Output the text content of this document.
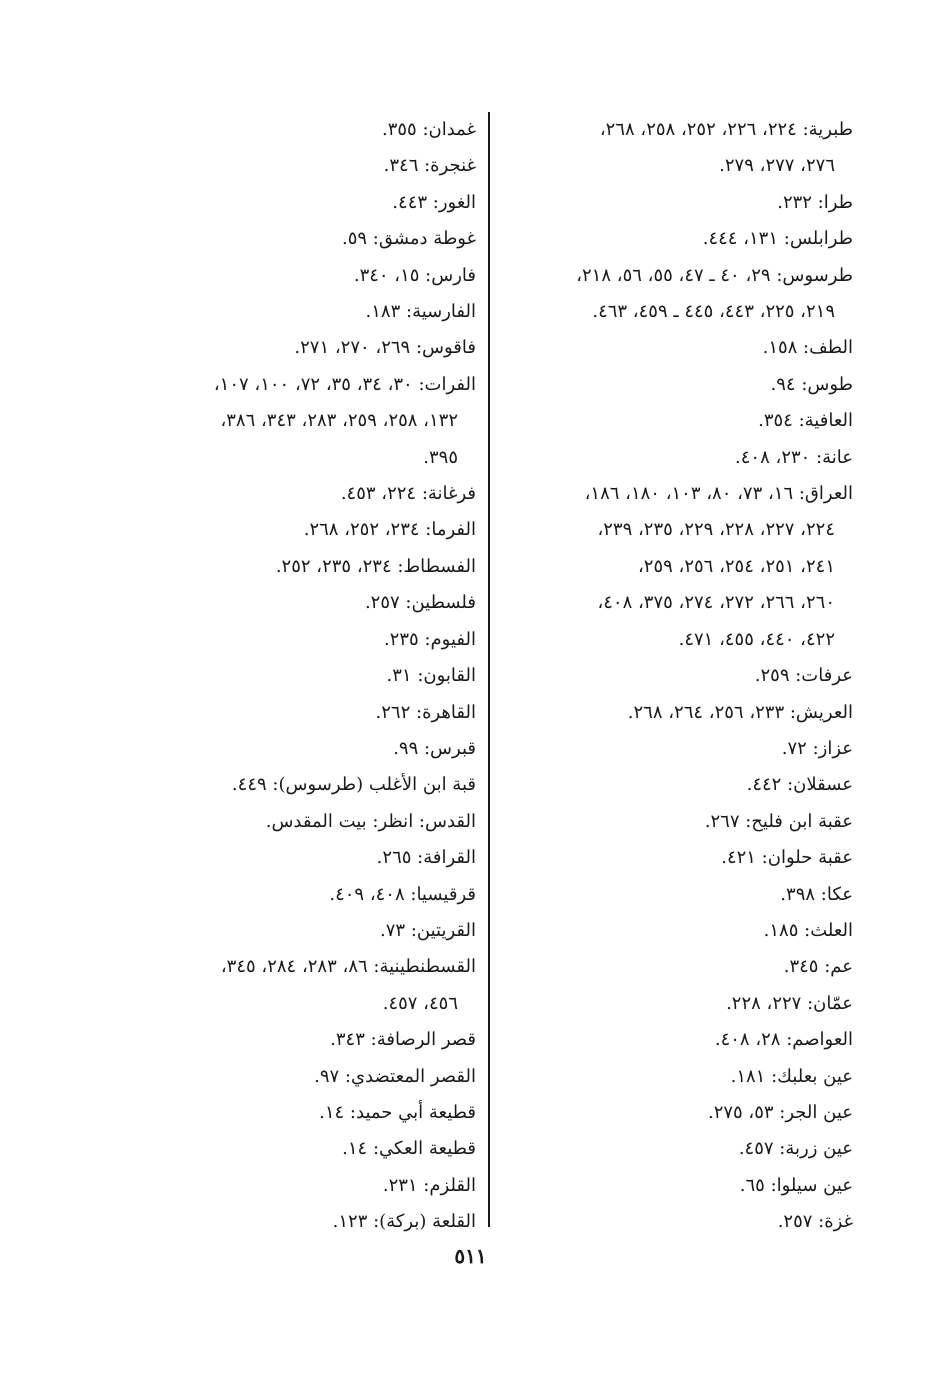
طبرية: ٢٢٤، ٢٢٦، ٢٥٢، ٢٥٨، ٢٦٨،
٢٧٦، ٢٧٧، ٢٧٩.
طرا: ٢٣٢.
طرابلس: ١٣١، ٤٤٤.
طرسوس: ٢٩، ٤٠ ـ ٤٧، ٥٥، ٥٦، ٢١٨،
٢١٩، ٢٢٥، ٤٤٣، ٤٤٥ ـ ٤٥٩، ٤٦٣.
الطف: ١٥٨.
طوس: ٩٤.
العافية: ٣٥٤.
عانة: ٢٣٠، ٤٠٨.
العراق: ١٦، ٧٣، ٨٠، ١٠٣، ١٨٠، ١٨٦،
٢٢٤، ٢٢٧، ٢٢٨، ٢٢٩، ٢٣٥، ٢٣٩،
٢٤١، ٢٥١، ٢٥٤، ٢٥٦، ٢٥٩،
٢٦٠، ٢٦٦، ٢٧٢، ٢٧٤، ٣٧٥، ٤٠٨،
٤٢٢، ٤٤٠، ٤٥٥، ٤٧١.
عرفات: ٢٥٩.
العريش: ٢٣٣، ٢٥٦، ٢٦٤، ٢٦٨.
عزاز: ٧٢.
عسقلان: ٤٤٢.
عقبة ابن فليح: ٢٦٧.
عقبة حلوان: ٤٢١.
عكا: ٣٩٨.
العلث: ١٨٥.
عم: ٣٤٥.
عمّان: ٢٢٧، ٢٢٨.
العواصم: ٢٨، ٤٠٨.
عين بعلبك: ١٨١.
عين الجر: ٥٣، ٢٧٥.
عين زربة: ٤٥٧.
عين سيلوا: ٦٥.
غزة: ٢٥٧.
غمدان: ٣٥٥.
غنجرة: ٣٤٦.
الغور: ٤٤٣.
غوطة دمشق: ٥٩.
فارس: ١٥، ٣٤٠.
الفارسية: ١٨٣.
فاقوس: ٢٦٩، ٢٧٠، ٢٧١.
الفرات: ٣٠، ٣٤، ٣٥، ٧٢، ١٠٠، ١٠٧،
١٣٢، ٢٥٨، ٢٥٩، ٢٨٣، ٣٤٣، ٣٨٦،
٣٩٥.
فرغانة: ٢٢٤، ٤٥٣.
الفرما: ٢٣٤، ٢٥٢، ٢٦٨.
الفسطاط: ٢٣٤، ٢٣٥، ٢٥٢.
فلسطين: ٢٥٧.
الفيوم: ٢٣٥.
القابون: ٣١.
القاهرة: ٢٦٢.
قبرس: ٩٩.
قبة ابن الأغلب (طرسوس): ٤٤٩.
القدس: انظر: بيت المقدس.
القرافة: ٢٦٥.
قرقيسيا: ٤٠٨، ٤٠٩.
القريتين: ٧٣.
القسطنطينية: ٨٦، ٢٨٣، ٢٨٤، ٣٤٥،
٤٥٦، ٤٥٧.
قصر الرصافة: ٣٤٣.
القصر المعتضدي: ٩٧.
قطيعة أبي حميد: ١٤.
قطيعة العكي: ١٤.
القلزم: ٢٣١.
القلعة (بركة): ١٢٣.
٥١١
